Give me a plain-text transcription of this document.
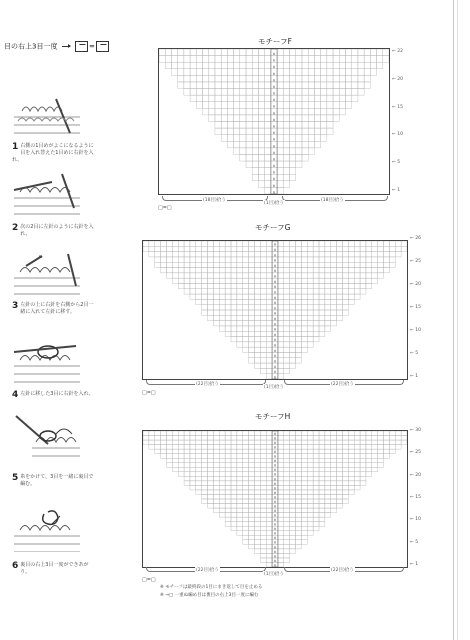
目の右上3目一度	=
1 右側の1目めがよこになるように目を入れ替えた1目めに右針を入れ、
2 次の2目に左針のように右針を入れ、
3 左針の上に右針を右側から2目一緒に入れて左針に移す。
4 左針に移した3目に右針を入れ、
5 糸をかけて、3目を一緒に裏目で編む。
6 裏目の右上3目一度ができあがり。
モチーフF
∧
∧
∧
∧
∧
∧
∧
∧
∧
∧
∧
∧
∧
∧
∧
∧
∧
∧
∧
∧
∧
∧
(18目)拾う	(18目)拾う
(1目)拾う
□=□
モチーフG
∧
∧
∧
∧
∧
∧
∧
∧
∧
∧
∧
∧
∧
∧
∧
∧
∧
∧
∧
∧
∧
∧
∧
∧
∧
∧
(22目)拾う	(22目)拾う
(1目)拾う
□=□
モチーフH
∧
∧
∧
∧
∧
∧
∧
∧
∧
∧
∧
∧
∧
∧
∧
∧
∧
∧
∧
∧
∧
∧
∧
∧
∧
∧
∧
∧
∧
∧
(22目)拾う	(22目)拾う
(1目)拾う
□=□
※ モチーフは最終段の1目にまき返して目を止める
※ →□ 一重ぬ編め目は裏目の右上3目一度に編む
← 22
← 20
← 15
← 10
← 5
← 1
← 26
← 25
← 20
← 15
← 10
← 5
← 1
← 30
← 25
← 20
← 15
← 10
← 5
← 1
